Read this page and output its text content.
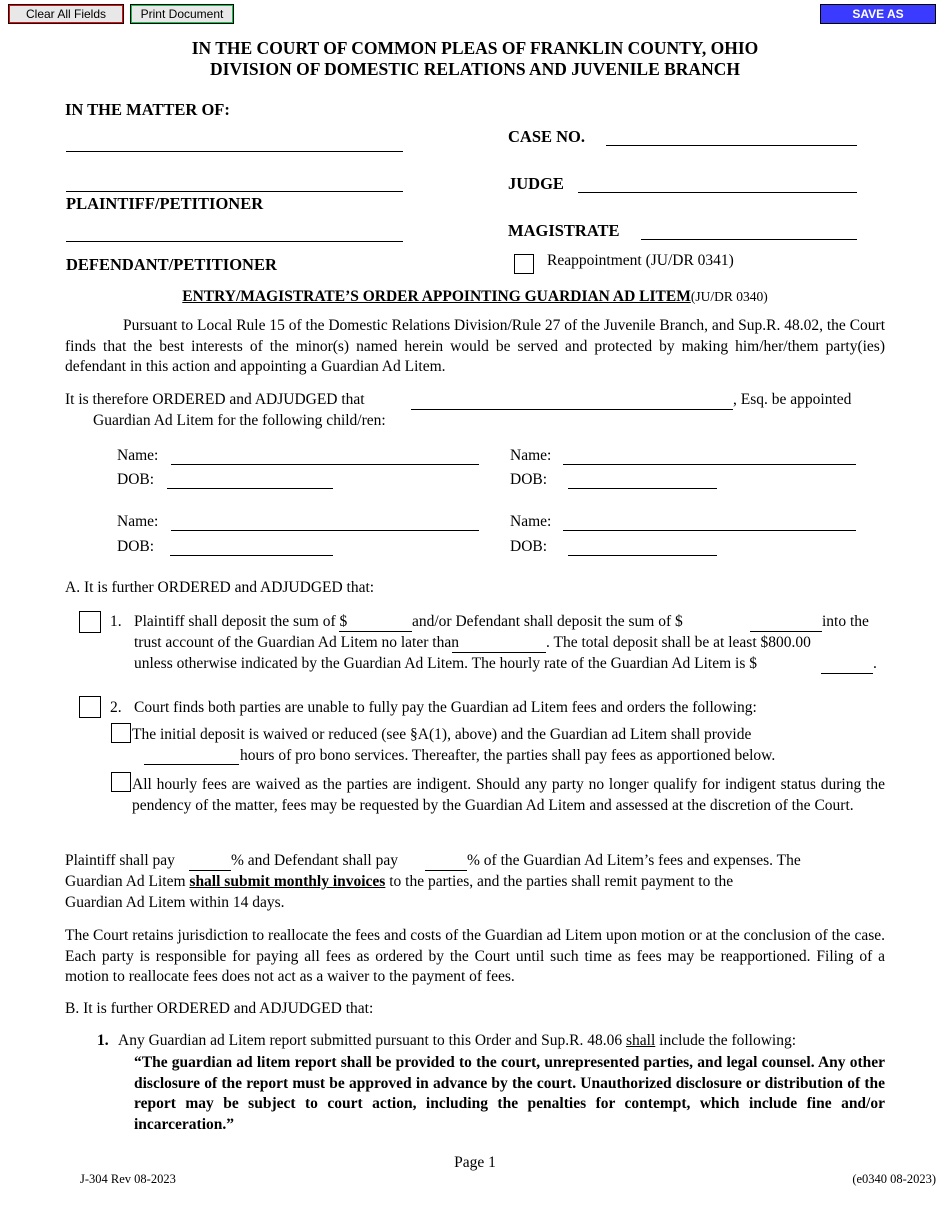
Clear All Fields	Print Document	SAVE AS
IN THE COURT OF COMMON PLEAS OF FRANKLIN COUNTY, OHIO
DIVISION OF DOMESTIC RELATIONS AND JUVENILE BRANCH
IN THE MATTER OF:
PLAINTIFF/PETITIONER
DEFENDANT/PETITIONER
CASE NO.
JUDGE
MAGISTRATE
Reappointment (JU/DR 0341)
ENTRY/MAGISTRATE’S ORDER APPOINTING GUARDIAN AD LITEM(JU/DR 0340)
Pursuant to Local Rule 15 of the Domestic Relations Division/Rule 27 of the Juvenile Branch, and Sup.R. 48.02, the Court finds that the best interests of the minor(s) named herein would be served and protected by making him/her/them party(ies) defendant in this action and appointing a Guardian Ad Litem.
It is therefore ORDERED and ADJUDGED that	, Esq. be appointed
Guardian Ad Litem for the following child/ren:
Name:
DOB:
Name:
DOB:
Name:
DOB:
Name:
DOB:
A. It is further ORDERED and ADJUDGED that:
1. Plaintiff shall deposit the sum of $	and/or Defendant shall deposit the sum of $	into the
trust account of the Guardian Ad Litem no later than	. The total deposit shall be at least $800.00
unless otherwise indicated by the Guardian Ad Litem. The hourly rate of the Guardian Ad Litem is $	.
2. Court finds both parties are unable to fully pay the Guardian ad Litem fees and orders the following:
The initial deposit is waived or reduced (see §A(1), above) and the Guardian ad Litem shall provide
hours of pro bono services. Thereafter, the parties shall pay fees as apportioned below.
All hourly fees are waived as the parties are indigent. Should any party no longer qualify for indigent status during the pendency of the matter, fees may be requested by the Guardian Ad Litem and assessed at the discretion of the Court.
Plaintiff shall pay	% and Defendant shall pay	% of the Guardian Ad Litem’s fees and expenses. The
Guardian Ad Litem shall submit monthly invoices to the parties, and the parties shall remit payment to the
Guardian Ad Litem within 14 days.
The Court retains jurisdiction to reallocate the fees and costs of the Guardian ad Litem upon motion or at the conclusion of the case. Each party is responsible for paying all fees as ordered by the Court until such time as fees may be reapportioned. Filing of a motion to reallocate fees does not act as a waiver to the payment of fees.
B. It is further ORDERED and ADJUDGED that:
1. Any Guardian ad Litem report submitted pursuant to this Order and Sup.R. 48.06 shall include the following:
“The guardian ad litem report shall be provided to the court, unrepresented parties, and legal counsel. Any other disclosure of the report must be approved in advance by the court. Unauthorized disclosure or distribution of the report may be subject to court action, including the penalties for contempt, which include fine and/or incarceration.”
Page 1
J-304 Rev 08-2023	(e0340 08-2023)
